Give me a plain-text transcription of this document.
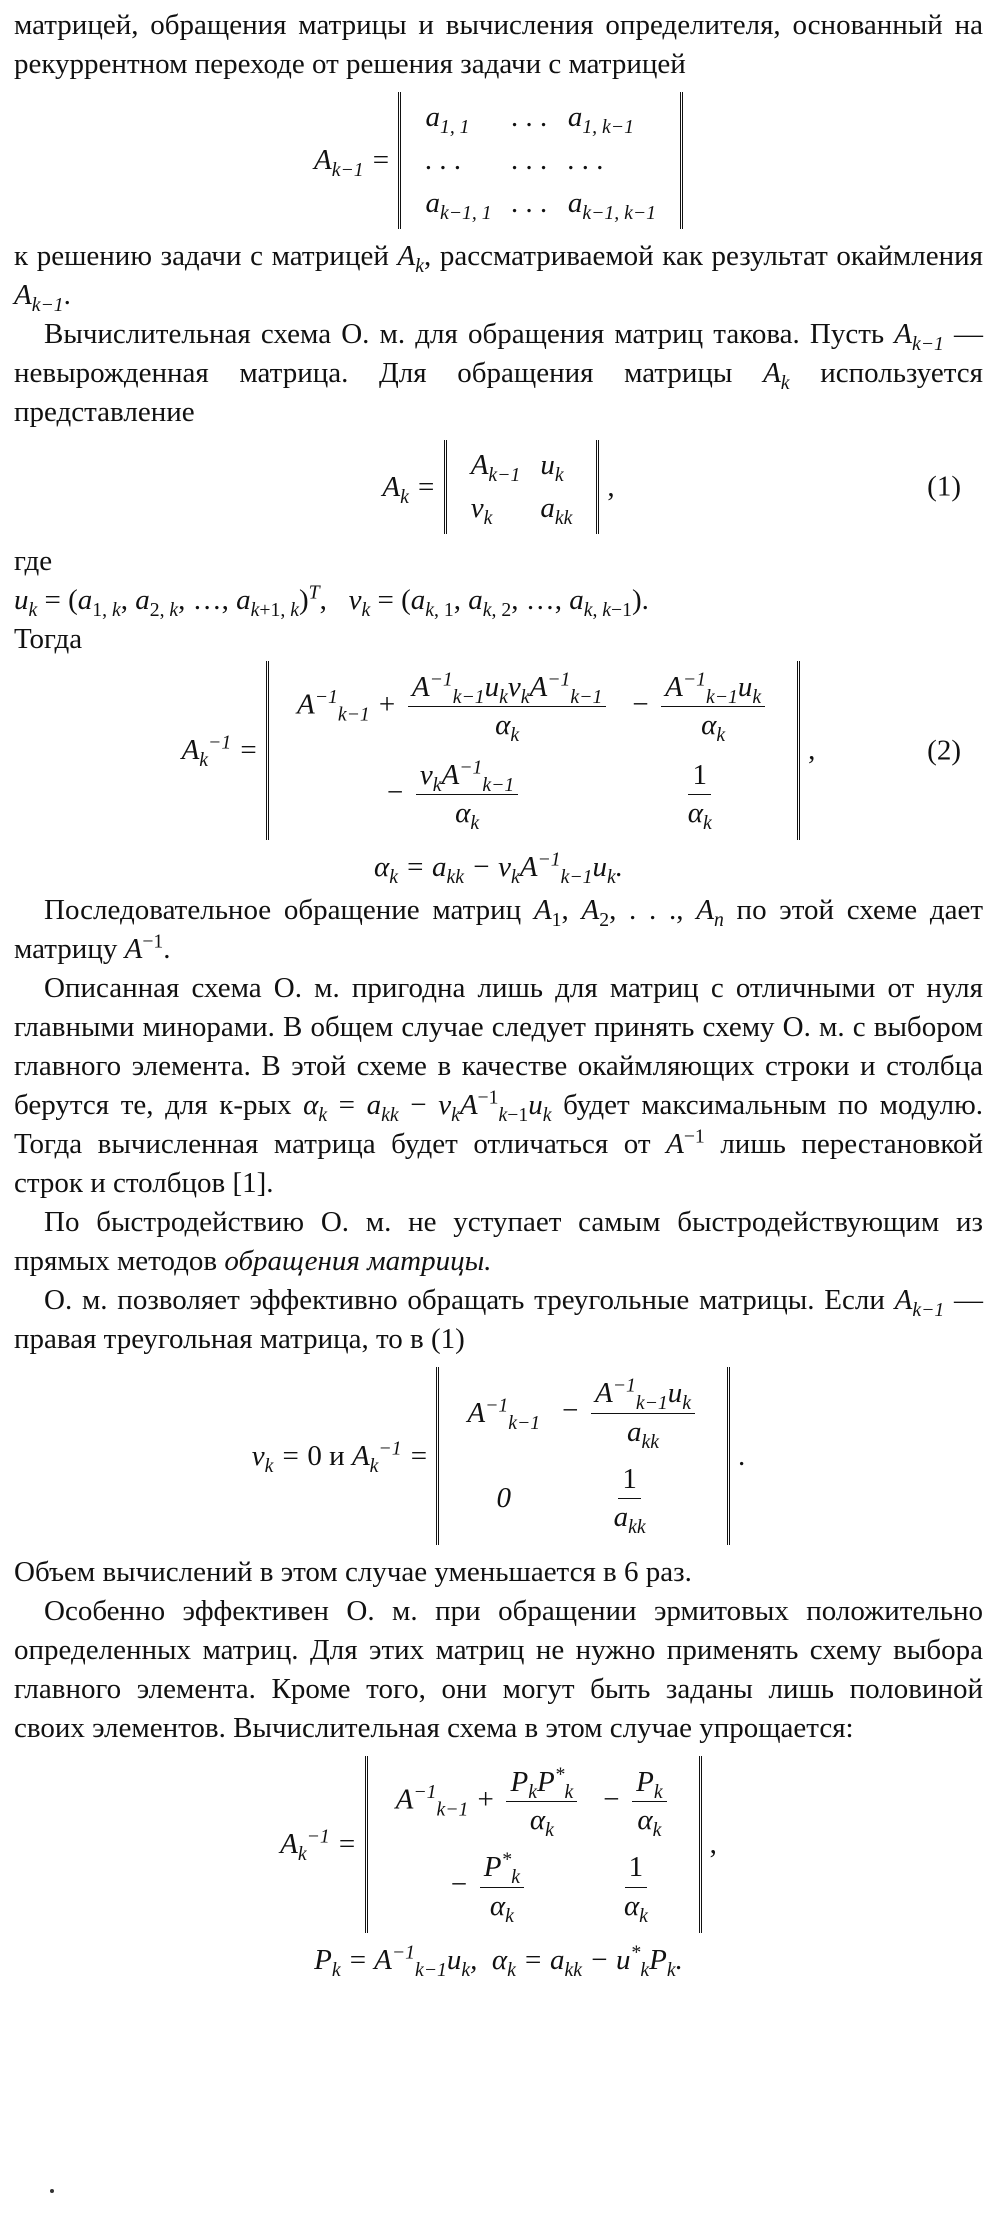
матрицей, обращения матрицы и вычисления определителя, основанный на рекуррентном переходе от решения задачи с матрицей

$A_{k-1}$ =
$a_{1, 1}$	. . .	$a_{1, k-1}$
. . .	. . .	. . .
$a_{k-1, 1}$	. . .	$a_{k-1, k-1}$

к решению задачи с матрицей $A_k$, рассматриваемой как результат окаймления $A_{k-1}$.

Вычислительная схема О. м. для обращения матриц такова. Пусть $A_{k-1}$ — невырожденная матрица. Для обращения матрицы $A_k$ используется представление

$A_k$ =
$A_{k-1}$	$u_k$
$v_k$	$a_{kk}$
,	(1)

где

$u_k = (a_{1, k}$, $a_{2, k}$, …, $a_{k+1, k})^T$,   $v_k = (a_{k, 1}$, $a_{k, 2}$, …, $a_{k, k-1}$).

Тогда

$A_k^{-1}$ =
$A^{-1}_{k-1} + \frac{A^{-1}_{k-1}u_kv_kA^{-1}_{k-1}}{\alpha_k}$	− $\frac{A^{-1}_{k-1}u_k}{\alpha_k}$

− $\frac{v_kA^{-1}_{k-1}}{\alpha_k}$	$\frac{1}{\alpha_k}$
,	(2)
$\alpha_k = a_{kk} - v_kA^{-1}_{k-1}u_k$.

Последовательное обращение матриц $A_1$, $A_2$, . . ., $A_n$ по этой схеме дает матрицу $A^{-1}$.

Описанная схема О. м. пригодна лишь для матриц с отличными от нуля главными минорами. В общем случае следует принять схему О. м. с выбором главного элемента. В этой схеме в качестве окаймляющих строки и столбца берутся те, для к-рых $\alpha_k = a_{kk} - v_kA^{-1}_{k-1}u_k$ будет максимальным по модулю. Тогда вычисленная матрица будет отличаться от $A^{-1}$ лишь перестановкой строк и столбцов [1].

По быстродействию О. м. не уступает самым быстродействующим из прямых методов обращения матрицы.

О. м. позволяет эффективно обращать треугольные матрицы. Если $A_{k-1}$ — правая треугольная матрица, то в (1)

$v_k = 0$ и $A_k^{-1}$ =
$A^{-1}_{k-1}$	− $\frac{A^{-1}_{k-1}u_k}{a_{kk}}$

0	$\frac{1}{a_{kk}}$
.

Объем вычислений в этом случае уменьшается в 6 раз.

Особенно эффективен О. м. при обращении эрмитовых положительно определенных матриц. Для этих матриц не нужно применять схему выбора главного элемента. Кроме того, они могут быть заданы лишь половиной своих элементов. Вычислительная схема в этом случае упрощается:

$A_k^{-1}$ =
$A^{-1}_{k-1} + \frac{P_kP^*_k}{\alpha_k}$	− $\frac{P_k}{\alpha_k}$

− $\frac{P^*_k}{\alpha_k}$	$\frac{1}{\alpha_k}$
,
$P_k = A^{-1}_{k-1}u_k$,  $\alpha_k = a_{kk} - u^*_kP_k$.
